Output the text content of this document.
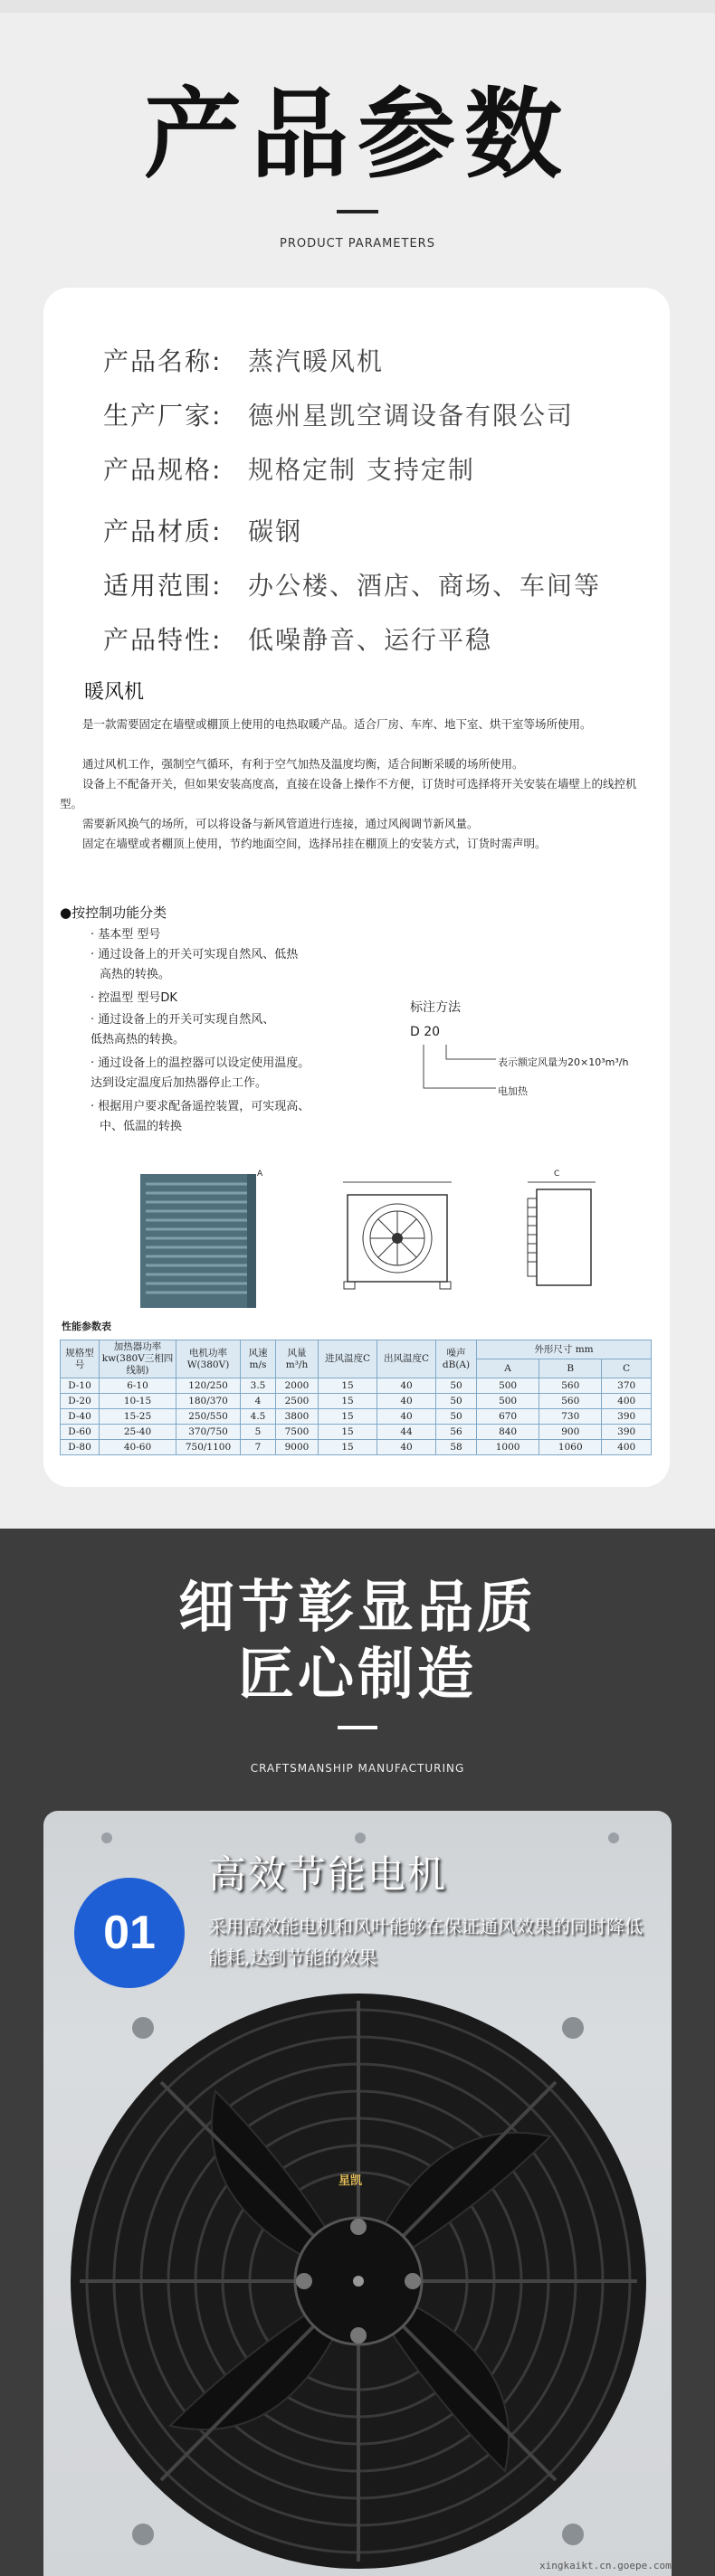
产品参数
PRODUCT PARAMETERS
产品名称: 蒸汽暖风机
生产厂家: 德州星凯空调设备有限公司
产品规格: 规格定制 支持定制
产品材质: 碳钢
适用范围: 办公楼、酒店、商场、车间等
产品特性: 低噪静音、运行平稳
暖风机
是一款需要固定在墙壁或棚顶上使用的电热取暖产品。适合厂房、车库、地下室、烘干室等场所使用。
通过风机工作，强制空气循环，有利于空气加热及温度均衡，适合间断采暖的场所使用。
设备上不配备开关，但如果安装高度高，直接在设备上操作不方便，订货时可选择将开关安装在墙壁上的线控机型。
需要新风换气的场所，可以将设备与新风管道进行连接，通过风阀调节新风量。
固定在墙壁或者棚顶上使用，节约地面空间，选择吊挂在棚顶上的安装方式，订货时需声明。
●按控制功能分类
· 基本型 型号
· 通过设备上的开关可实现自然风、低热
高热的转换。
· 控温型 型号DK
· 通过设备上的开关可实现自然风、
低热高热的转换。
· 通过设备上的温控器可以设定使用温度。
达到设定温度后加热器停止工作。
· 根据用户要求配备遥控装置，可实现高、
中、低温的转换
标注方法
D 20
表示额定风量为20×10³m³/h
电加热
A	C
性能参数表
规格型号	加热器功率kw(380V三相四线制)	电机功率W(380V)	风速m/s	风量m³/h	进风温度C	出风温度C	噪声dB(A)	外形尺寸 mm		
								A	B	C
D-10	6-10	120/250	3.5	2000	15	40	50	500	560	370
D-20	10-15	180/370	4	2500	15	40	50	500	560	400
D-40	15-25	250/550	4.5	3800	15	40	50	670	730	390
D-60	25-40	370/750	5	7500	15	44	56	840	900	390
D-80	40-60	750/1100	7	9000	15	40	58	1000	1060	400
细节彰显品质
匠心制造
CRAFTSMANSHIP MANUFACTURING
星凯
01
高效节能电机
采用高效能电机和风叶能够在保证通风效果的同时降低能耗,达到节能的效果
xingkaikt.cn.goepe.com
